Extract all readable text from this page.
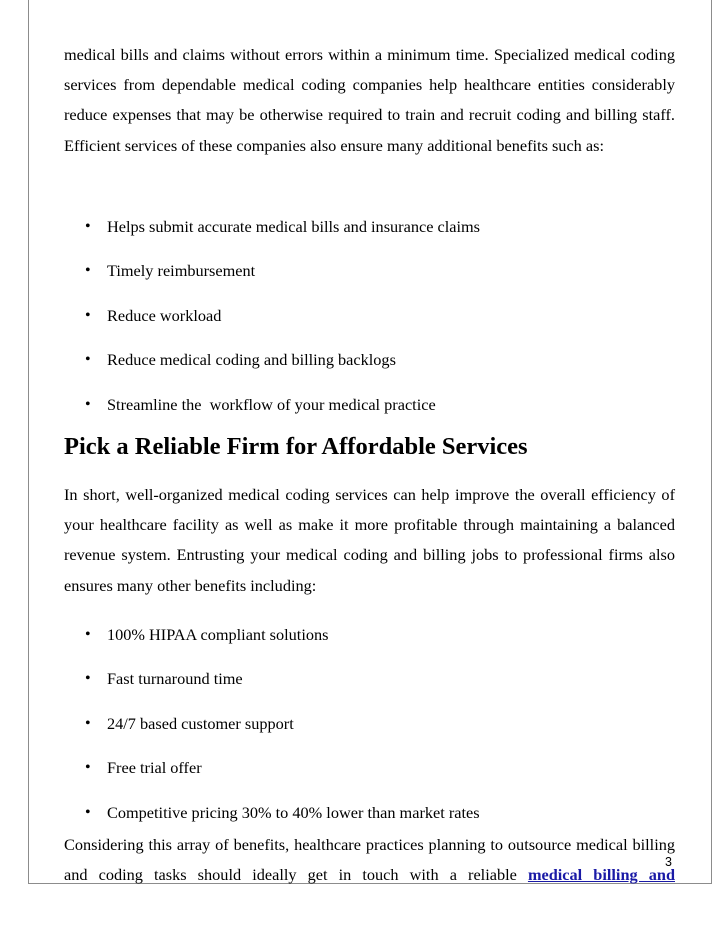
medical bills and claims without errors within a minimum time. Specialized medical coding services from dependable medical coding companies help healthcare entities considerably reduce expenses that may be otherwise required to train and recruit coding and billing staff. Efficient services of these companies also ensure many additional benefits such as:

• Helps submit accurate medical bills and insurance claims
• Timely reimbursement
• Reduce workload
• Reduce medical coding and billing backlogs
• Streamline the  workflow of your medical practice
Pick a Reliable Firm for Affordable Services

In short, well-organized medical coding services can help improve the overall efficiency of your healthcare facility as well as make it more profitable through maintaining a balanced revenue system. Entrusting your medical coding and billing jobs to professional firms also ensures many other benefits including:

• 100% HIPAA compliant solutions
• Fast turnaround time
• 24/7 based customer support
• Free trial offer
• Competitive pricing 30% to 40% lower than market rates

Considering this array of benefits, healthcare practices planning to outsource medical billing and coding tasks should ideally get in touch with a reliable medical billing and

3
